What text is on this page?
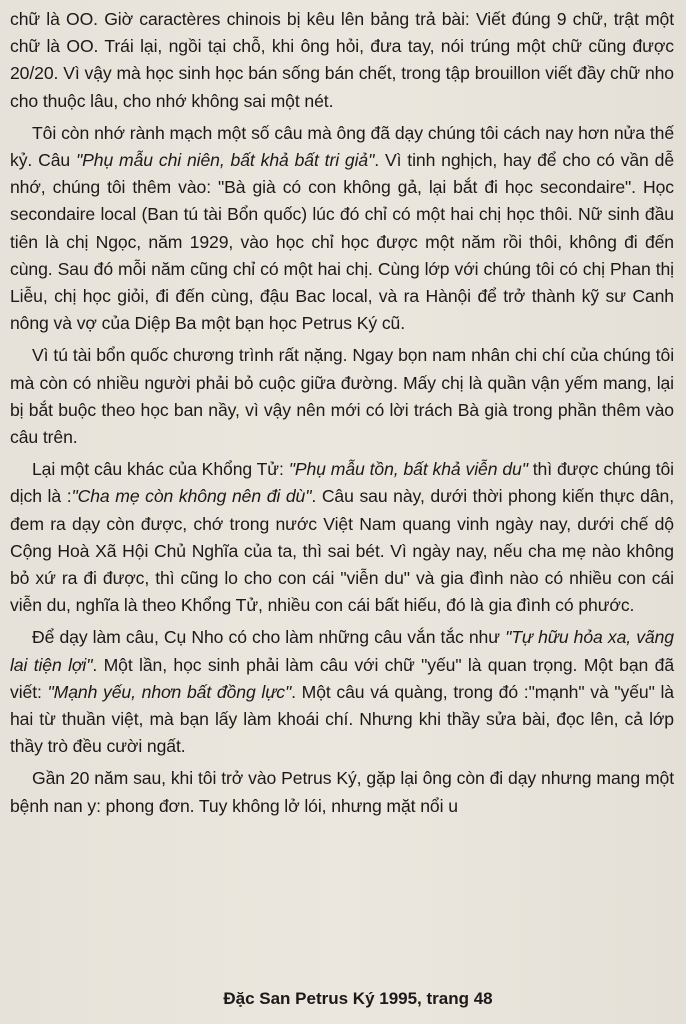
chữ là OO. Giờ caractères chinois bị kêu lên bảng trả bài: Viết đúng 9 chữ, trật một chữ là OO. Trái lại, ngồi tại chỗ, khi ông hỏi, đưa tay, nói trúng một chữ cũng được 20/20. Vì vậy mà học sinh học bán sống bán chết, trong tập brouillon viết đầy chữ nho cho thuộc lâu, cho nhớ không sai một nét.

Tôi còn nhớ rành mạch một số câu mà ông đã dạy chúng tôi cách nay hơn nửa thế kỷ. Câu "Phụ mẫu chi niên, bất khả bất tri giả". Vì tinh nghịch, hay để cho có vần dễ nhớ, chúng tôi thêm vào: "Bà già có con không gả, lại bắt đi học secondaire". Học secondaire local (Ban tú tài Bổn quốc) lúc đó chỉ có một hai chị học thôi. Nữ sinh đầu tiên là chị Ngọc, năm 1929, vào học chỉ học được một năm rồi thôi, không đi đến cùng. Sau đó mỗi năm cũng chỉ có một hai chị. Cùng lớp với chúng tôi có chị Phan thị Liễu, chị học giỏi, đi đến cùng, đậu Bac local, và ra Hànội để trở thành kỹ sư Canh nông và vợ của Diệp Ba một bạn học Petrus Ký cũ.

Vì tú tài bổn quốc chương trình rất nặng. Ngay bọn nam nhân chi chí của chúng tôi mà còn có nhiều người phải bỏ cuộc giữa đường. Mấy chị là quần vận yếm mang, lại bị bắt buộc theo học ban nầy, vì vậy nên mới có lời trách Bà già trong phần thêm vào câu trên.

Lại một câu khác của Khổng Tử: "Phụ mẫu tồn, bất khả viễn du" thì được chúng tôi dịch là :"Cha mẹ còn không nên đi dù". Câu sau này, dưới thời phong kiến thực dân, đem ra dạy còn được, chớ trong nước Việt Nam quang vinh ngày nay, dưới chế dộ Cộng Hoà Xã Hội Chủ Nghĩa của ta, thì sai bét. Vì ngày nay, nếu cha mẹ nào không bỏ xứ ra đi được, thì cũng lo cho con cái "viễn du" và gia đình nào có nhiều con cái viễn du, nghĩa là theo Khổng Tử, nhiều con cái bất hiếu, đó là gia đình có phước.

Để dạy làm câu, Cụ Nho có cho làm những câu vắn tắc như "Tự hữu hỏa xa, vãng lai tiện lợi". Một lần, học sinh phải làm câu với chữ "yếu" là quan trọng. Một bạn đã viết: "Mạnh yếu, nhơn bất đồng lực". Một câu vá quàng, trong đó :"mạnh" và "yếu" là hai từ thuần việt, mà bạn lấy làm khoái chí. Nhưng khi thầy sửa bài, đọc lên, cả lớp thầy trò đều cười ngất.

Gần 20 năm sau, khi tôi trở vào Petrus Ký, gặp lại ông còn đi dạy nhưng mang một bệnh nan y: phong đơn. Tuy không lở lói, nhưng mặt nổi u

Đặc San Petrus Ký 1995, trang 48
